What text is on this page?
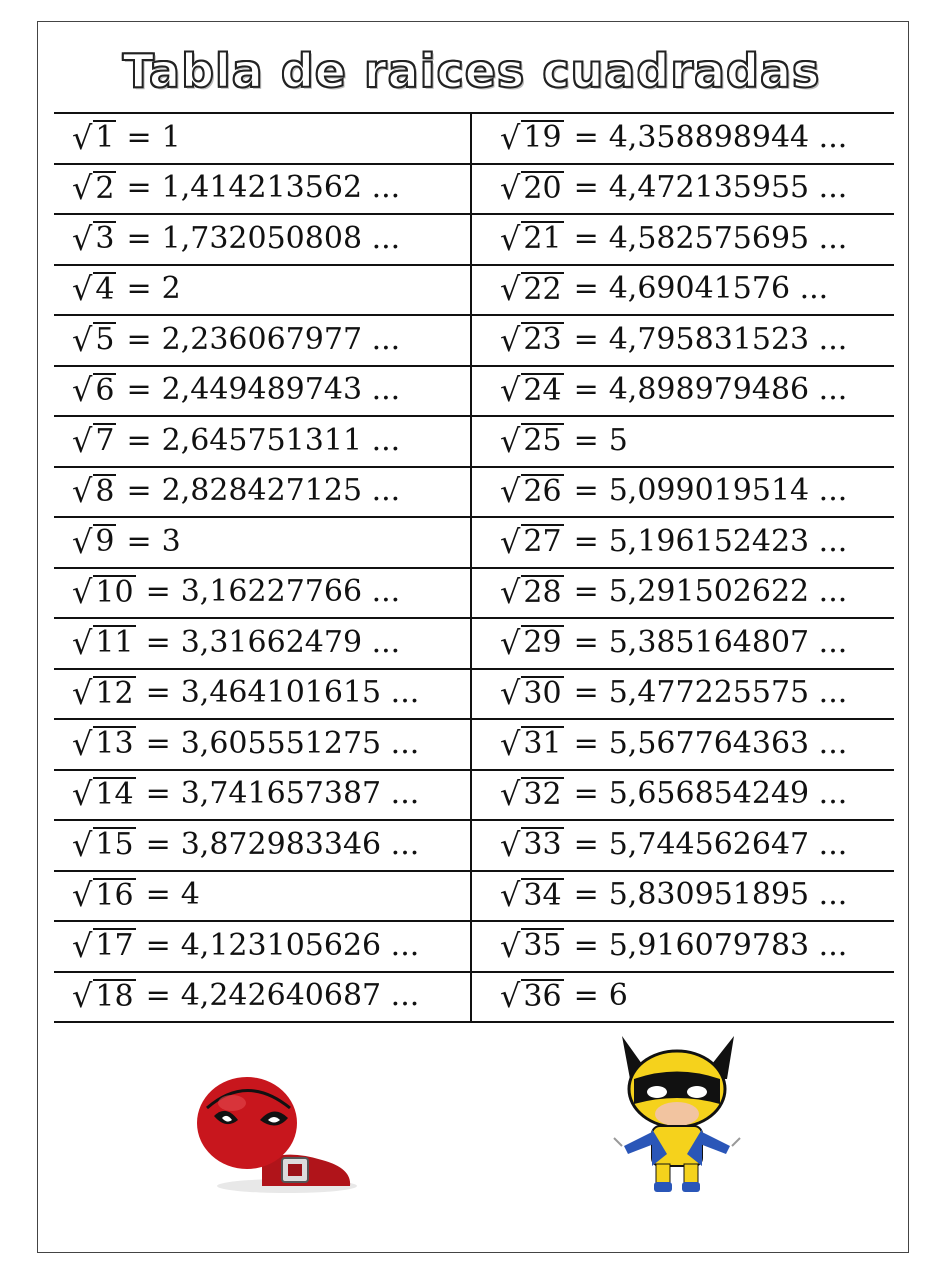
Tabla de raices cuadradas
√ 1 = 1
√ 2 = 1,414213562 ...
√ 3 = 1,732050808 ...
√ 4 = 2
√ 5 = 2,236067977 ...
√ 6 = 2,449489743 ...
√ 7 = 2,645751311 ...
√ 8 = 2,828427125 ...
√ 9 = 3
√ 10 = 3,16227766 ...
√ 11 = 3,31662479 ...
√ 12 = 3,464101615 ...
√ 13 = 3,605551275 ...
√ 14 = 3,741657387 ...
√ 15 = 3,872983346 ...
√ 16 = 4
√ 17 = 4,123105626 ...
√ 18 = 4,242640687 ...
√ 19 = 4,358898944 ...
√ 20 = 4,472135955 ...
√ 21 = 4,582575695 ...
√ 22 = 4,69041576 ...
√ 23 = 4,795831523 ...
√ 24 = 4,898979486 ...
√ 25 = 5
√ 26 = 5,099019514 ...
√ 27 = 5,196152423 ...
√ 28 = 5,291502622 ...
√ 29 = 5,385164807 ...
√ 30 = 5,477225575 ...
√ 31 = 5,567764363 ...
√ 32 = 5,656854249 ...
√ 33 = 5,744562647 ...
√ 34 = 5,830951895 ...
√ 35 = 5,916079783 ...
√ 36 = 6
